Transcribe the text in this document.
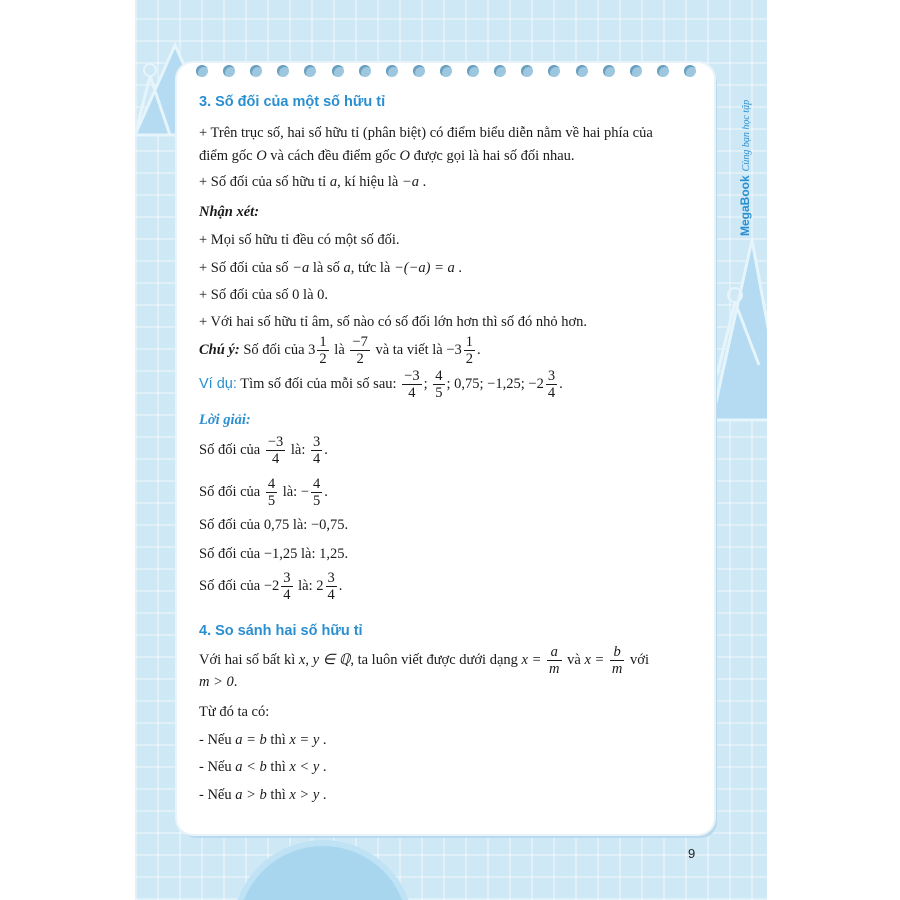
MegaBookCùng bạn học tập
3. Số đối của một số hữu tỉ
+ Trên trục số, hai số hữu tỉ (phân biệt) có điểm biểu diễn nằm về hai phía của
điểm gốc O và cách đều điểm gốc O được gọi là hai số đối nhau.
+ Số đối của số hữu tỉ a, kí hiệu là −a .
Nhận xét:
+ Mọi số hữu tỉ đều có một số đối.
+ Số đối của số −a là số a, tức là −(−a) = a .
+ Số đối của số 0 là 0.
+ Với hai số hữu tỉ âm, số nào có số đối lớn hơn thì số đó nhỏ hơn.
Chú ý: Số đối của $3 \frac{1}{2}$ là $\frac{-7}{2}$ và ta viết là $-3 \frac{1}{2}$ .
Ví dụ: Tìm số đối của mỗi số sau: $\frac{-3}{4}$ ; $\frac{4}{5}$ ; 0,75; −1,25; $-2 \frac{3}{4}$ .
Lời giải:
Số đối của $\frac{-3}{4}$ là: $\frac{3}{4}$ .
Số đối của $\frac{4}{5}$ là: − $\frac{4}{5}$ .
Số đối của 0,75 là: −0,75.
Số đối của −1,25 là: 1,25.
Số đối của $-2 \frac{3}{4}$ là: $2 \frac{3}{4}$ .
4. So sánh hai số hữu tỉ
Với hai số bất kì x, y ∈ ℚ, ta luôn viết được dưới dạng $x = \frac{a}{m}$ và $x = \frac{b}{m}$ với
m > 0.
Từ đó ta có:
- Nếu a = b thì x = y .
- Nếu a < b thì x < y .
- Nếu a > b thì x > y .
9
